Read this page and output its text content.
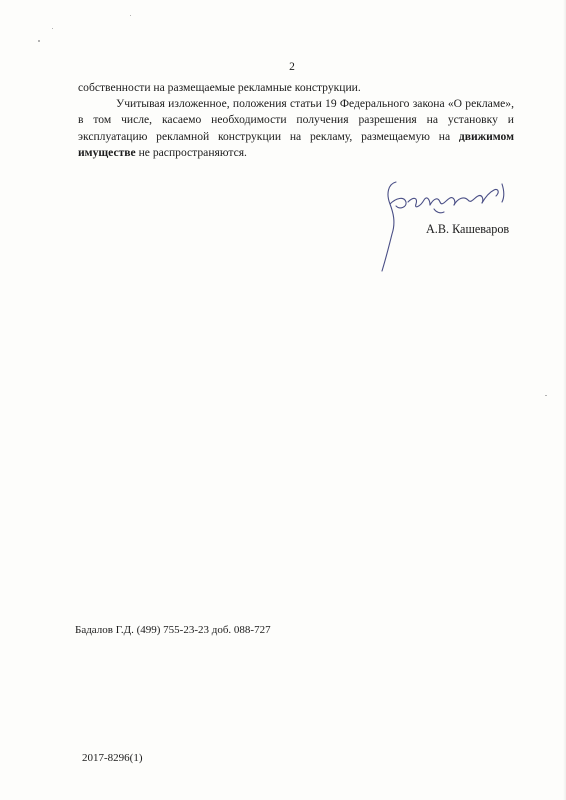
2

собственности на размещаемые рекламные конструкции.

Учитывая изложенное, положения статьи 19 Федерального закона «О рекламе», в том числе, касаемо необходимости получения разрешения на установку и эксплуатацию рекламной конструкции на рекламу, размещаемую на движимом имуществе не распространяются.

А.В. Кашеваров
Бадалов Г.Д. (499) 755-23-23 доб. 088-727
2017-8296(1)
